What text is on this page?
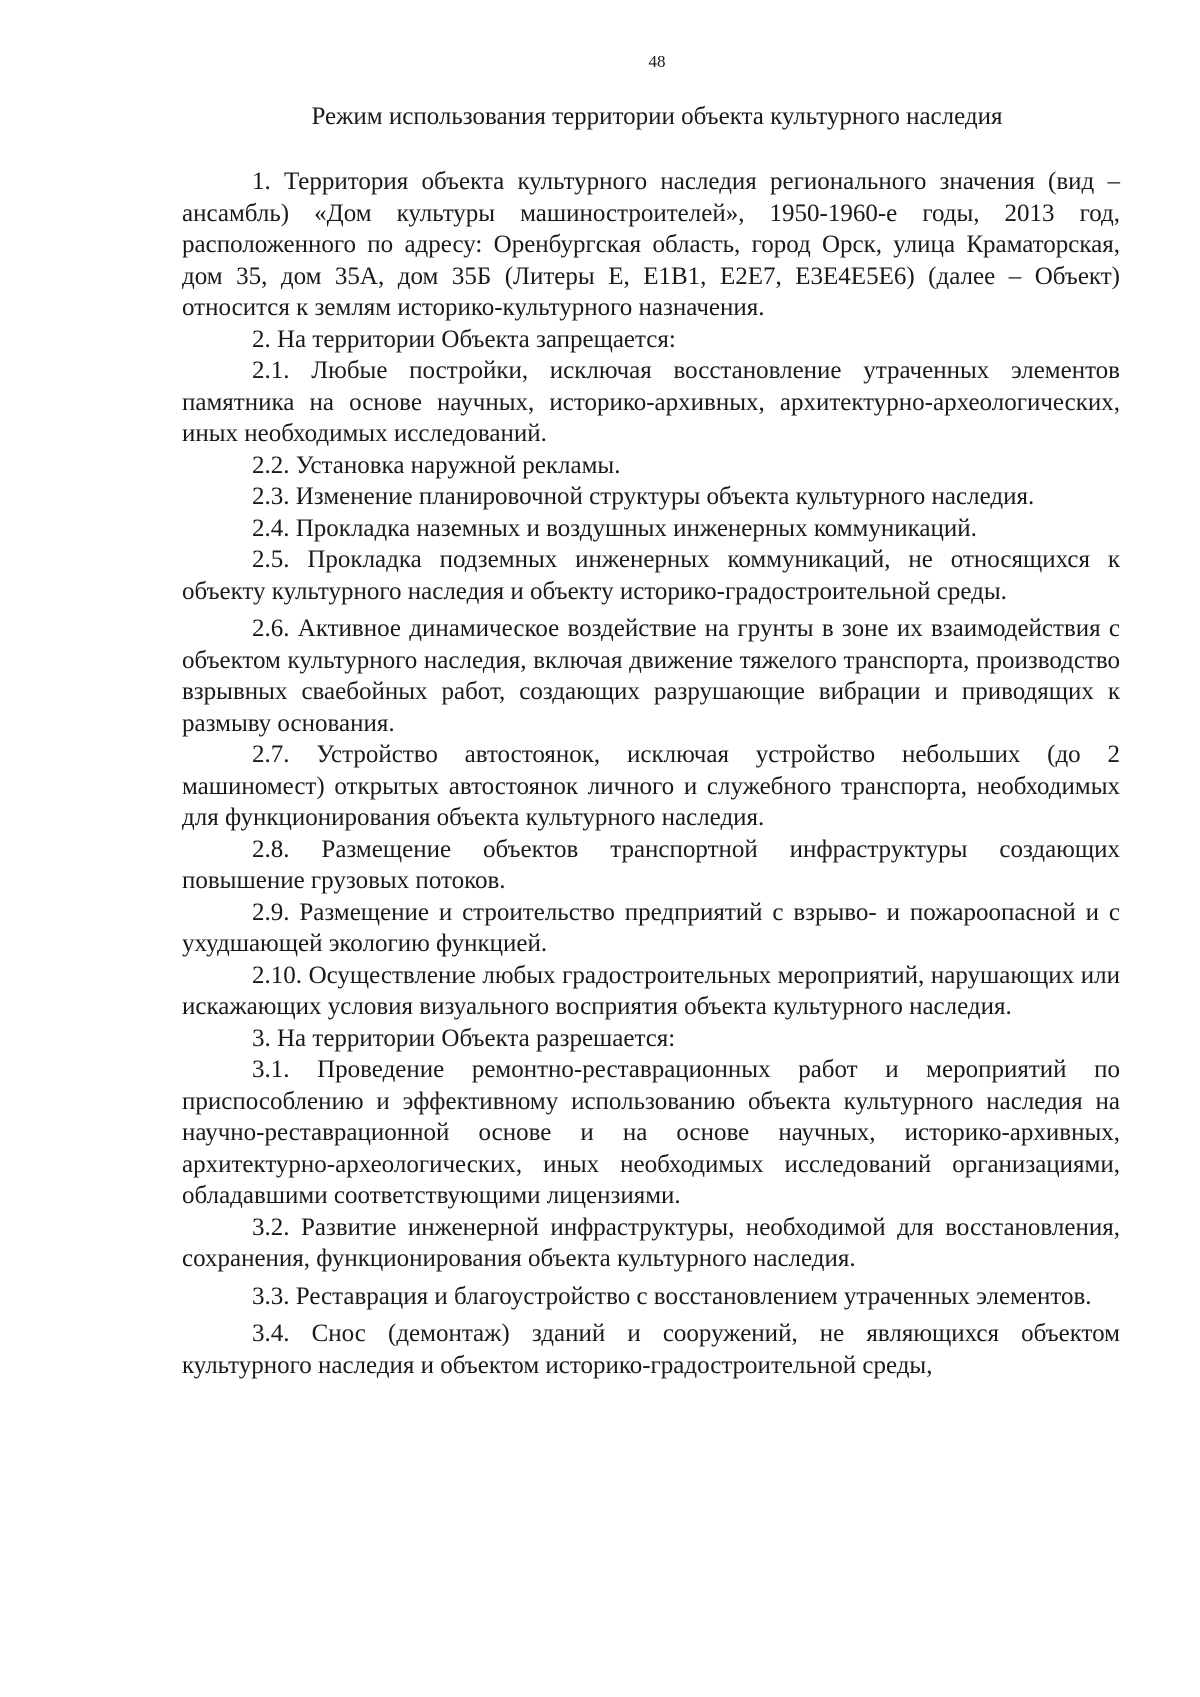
48
Режим использования территории объекта культурного наследия

1. Территория объекта культурного наследия регионального значения (вид – ансамбль) «Дом культуры машиностроителей», 1950-1960-е годы, 2013 год, расположенного по адресу: Оренбургская область, город Орск, улица Краматорская, дом 35, дом 35А, дом 35Б (Литеры Е, Е1В1, Е2Е7, Е3Е4Е5Е6) (далее – Объект) относится к землям историко-культурного назначения.

2. На территории Объекта запрещается:

2.1. Любые постройки, исключая восстановление утраченных элементов памятника на основе научных, историко-архивных, архитектурно-археологических, иных необходимых исследований.

2.2. Установка наружной рекламы.

2.3. Изменение планировочной структуры объекта культурного наследия.

2.4. Прокладка наземных и воздушных инженерных коммуникаций.

2.5. Прокладка подземных инженерных коммуникаций, не относящихся к объекту культурного наследия и объекту историко-градостроительной среды.

2.6. Активное динамическое воздействие на грунты в зоне их взаимодействия с объектом культурного наследия, включая движение тяжелого транспорта, производство взрывных сваебойных работ, создающих разрушающие вибрации и приводящих к размыву основания.

2.7. Устройство автостоянок, исключая устройство небольших (до 2 машиномест) открытых автостоянок личного и служебного транспорта, необходимых для функционирования объекта культурного наследия.

2.8. Размещение объектов транспортной инфраструктуры создающих повышение грузовых потоков.

2.9. Размещение и строительство предприятий с взрыво- и пожароопасной и с ухудшающей экологию функцией.

2.10. Осуществление любых градостроительных мероприятий, нарушающих или искажающих условия визуального восприятия объекта культурного наследия.

3. На территории Объекта разрешается:

3.1. Проведение ремонтно-реставрационных работ и мероприятий по приспособлению и эффективному использованию объекта культурного наследия на научно-реставрационной основе и на основе научных, историко-архивных, архитектурно-археологических, иных необходимых исследований организациями, обладавшими соответствующими лицензиями.

3.2. Развитие инженерной инфраструктуры, необходимой для восстановления, сохранения, функционирования объекта культурного наследия.

3.3. Реставрация и благоустройство с восстановлением утраченных элементов.

3.4. Снос (демонтаж) зданий и сооружений, не являющихся объектом культурного наследия и объектом историко-градостроительной среды,
